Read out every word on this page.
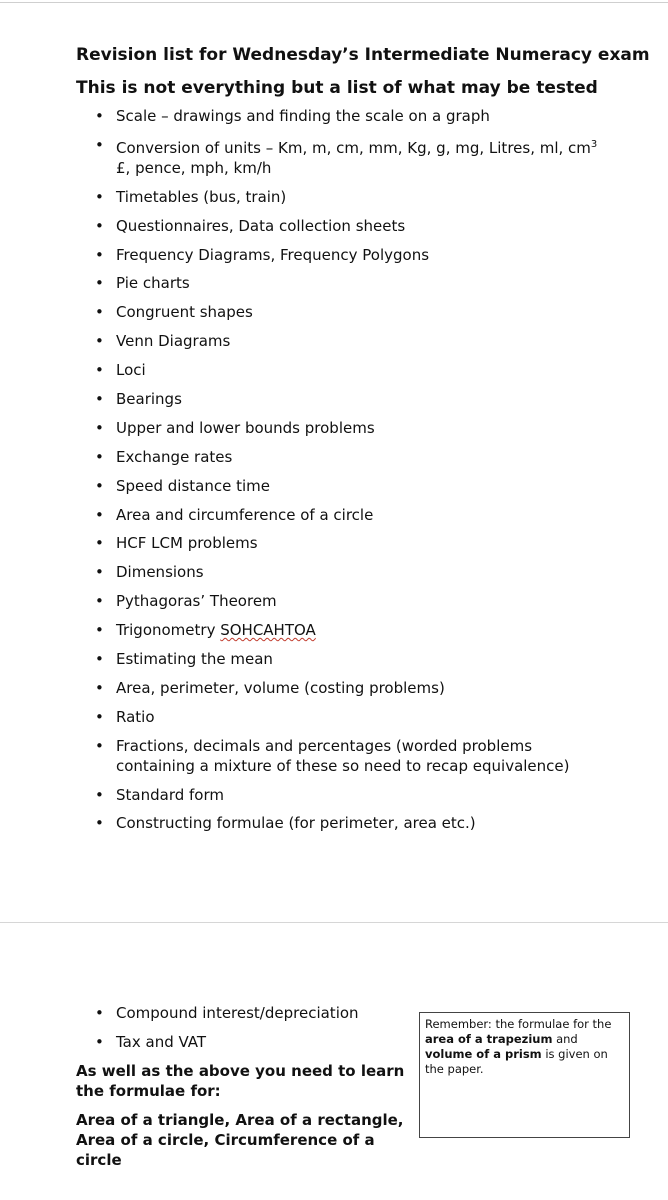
Revision list for Wednesday’s Intermediate Numeracy exam

This is not everything but a list of what may be tested

• Scale – drawings and finding the scale on a graph
• Conversion of units – Km, m, cm, mm, Kg, g, mg, Litres, ml, $cm^3$
£, pence, mph, km/h
• Timetables (bus, train)
• Questionnaires, Data collection sheets
• Frequency Diagrams, Frequency Polygons
• Pie charts
• Congruent shapes
• Venn Diagrams
• Loci
• Bearings
• Upper and lower bounds problems
• Exchange rates
• Speed distance time
• Area and circumference of a circle
• HCF LCM problems
• Dimensions
• Pythagoras’ Theorem
• Trigonometry SOHCAHTOA
• Estimating the mean
• Area, perimeter, volume (costing problems)
• Ratio
• Fractions, decimals and percentages (worded problems containing a mixture of these so need to recap equivalence)
• Standard form
• Constructing formulae (for perimeter, area etc.)
• Compound interest/depreciation
• Tax and VAT

As well as the above you need to learn the formulae for:

Area of a triangle, Area of a rectangle, Area of a circle, Circumference of a circle

Remember: the formulae for the area of a trapezium and volume of a prism is given on the paper.
